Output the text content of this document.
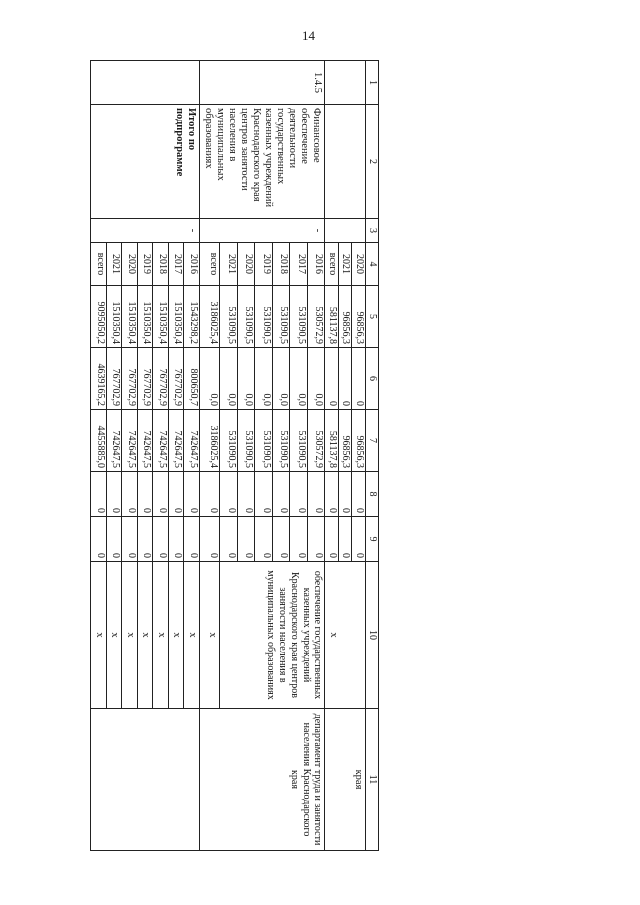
14
1	2	3	4	5	6	7	8	9	10	11
			2020	96856,3	0	96856,3	0	0	x	края
			2021	96856,3	0	96856,3	0	0		
			всего	581137,8	0	581137,8	0	0		
1.4.5	Финансовое обеспечение деятельности государственных казенных учреждений Краснодарского края центров занятости населения в муниципальных образованиях	-	2016	530572,9	0,0	530572,9	0	0	обеспечение государственных казенных учреждений Краснодарского края центров занятости населения в муниципальных образованиях	департамент труда и занятости населения Краснодарского края
			2017	531090,5	0,0	531090,5	0	0		
			2018	531090,5	0,0	531090,5	0	0		
			2019	531090,5	0,0	531090,5	0	0		
			2020	531090,5	0,0	531090,5	0	0		
			2021	531090,5	0,0	531090,5	0	0		
			всего	3186025,4	0,0	3186025,4	0	0	x	
	Итого по подпрограмме	-	2016	1543298,2	800650,7	742647,5	0	0	x	
			2017	1510350,4	767702,9	742647,5	0	0	x	
			2018	1510350,4	767702,9	742647,5	0	0	x	
			2019	1510350,4	767702,9	742647,5	0	0	x	
			2020	1510350,4	767702,9	742647,5	0	0	x	
			2021	1510350,4	767702,9	742647,5	0	0	x	
			всего	9095050,2	4639165,2	4455885,0	0	0	x	
